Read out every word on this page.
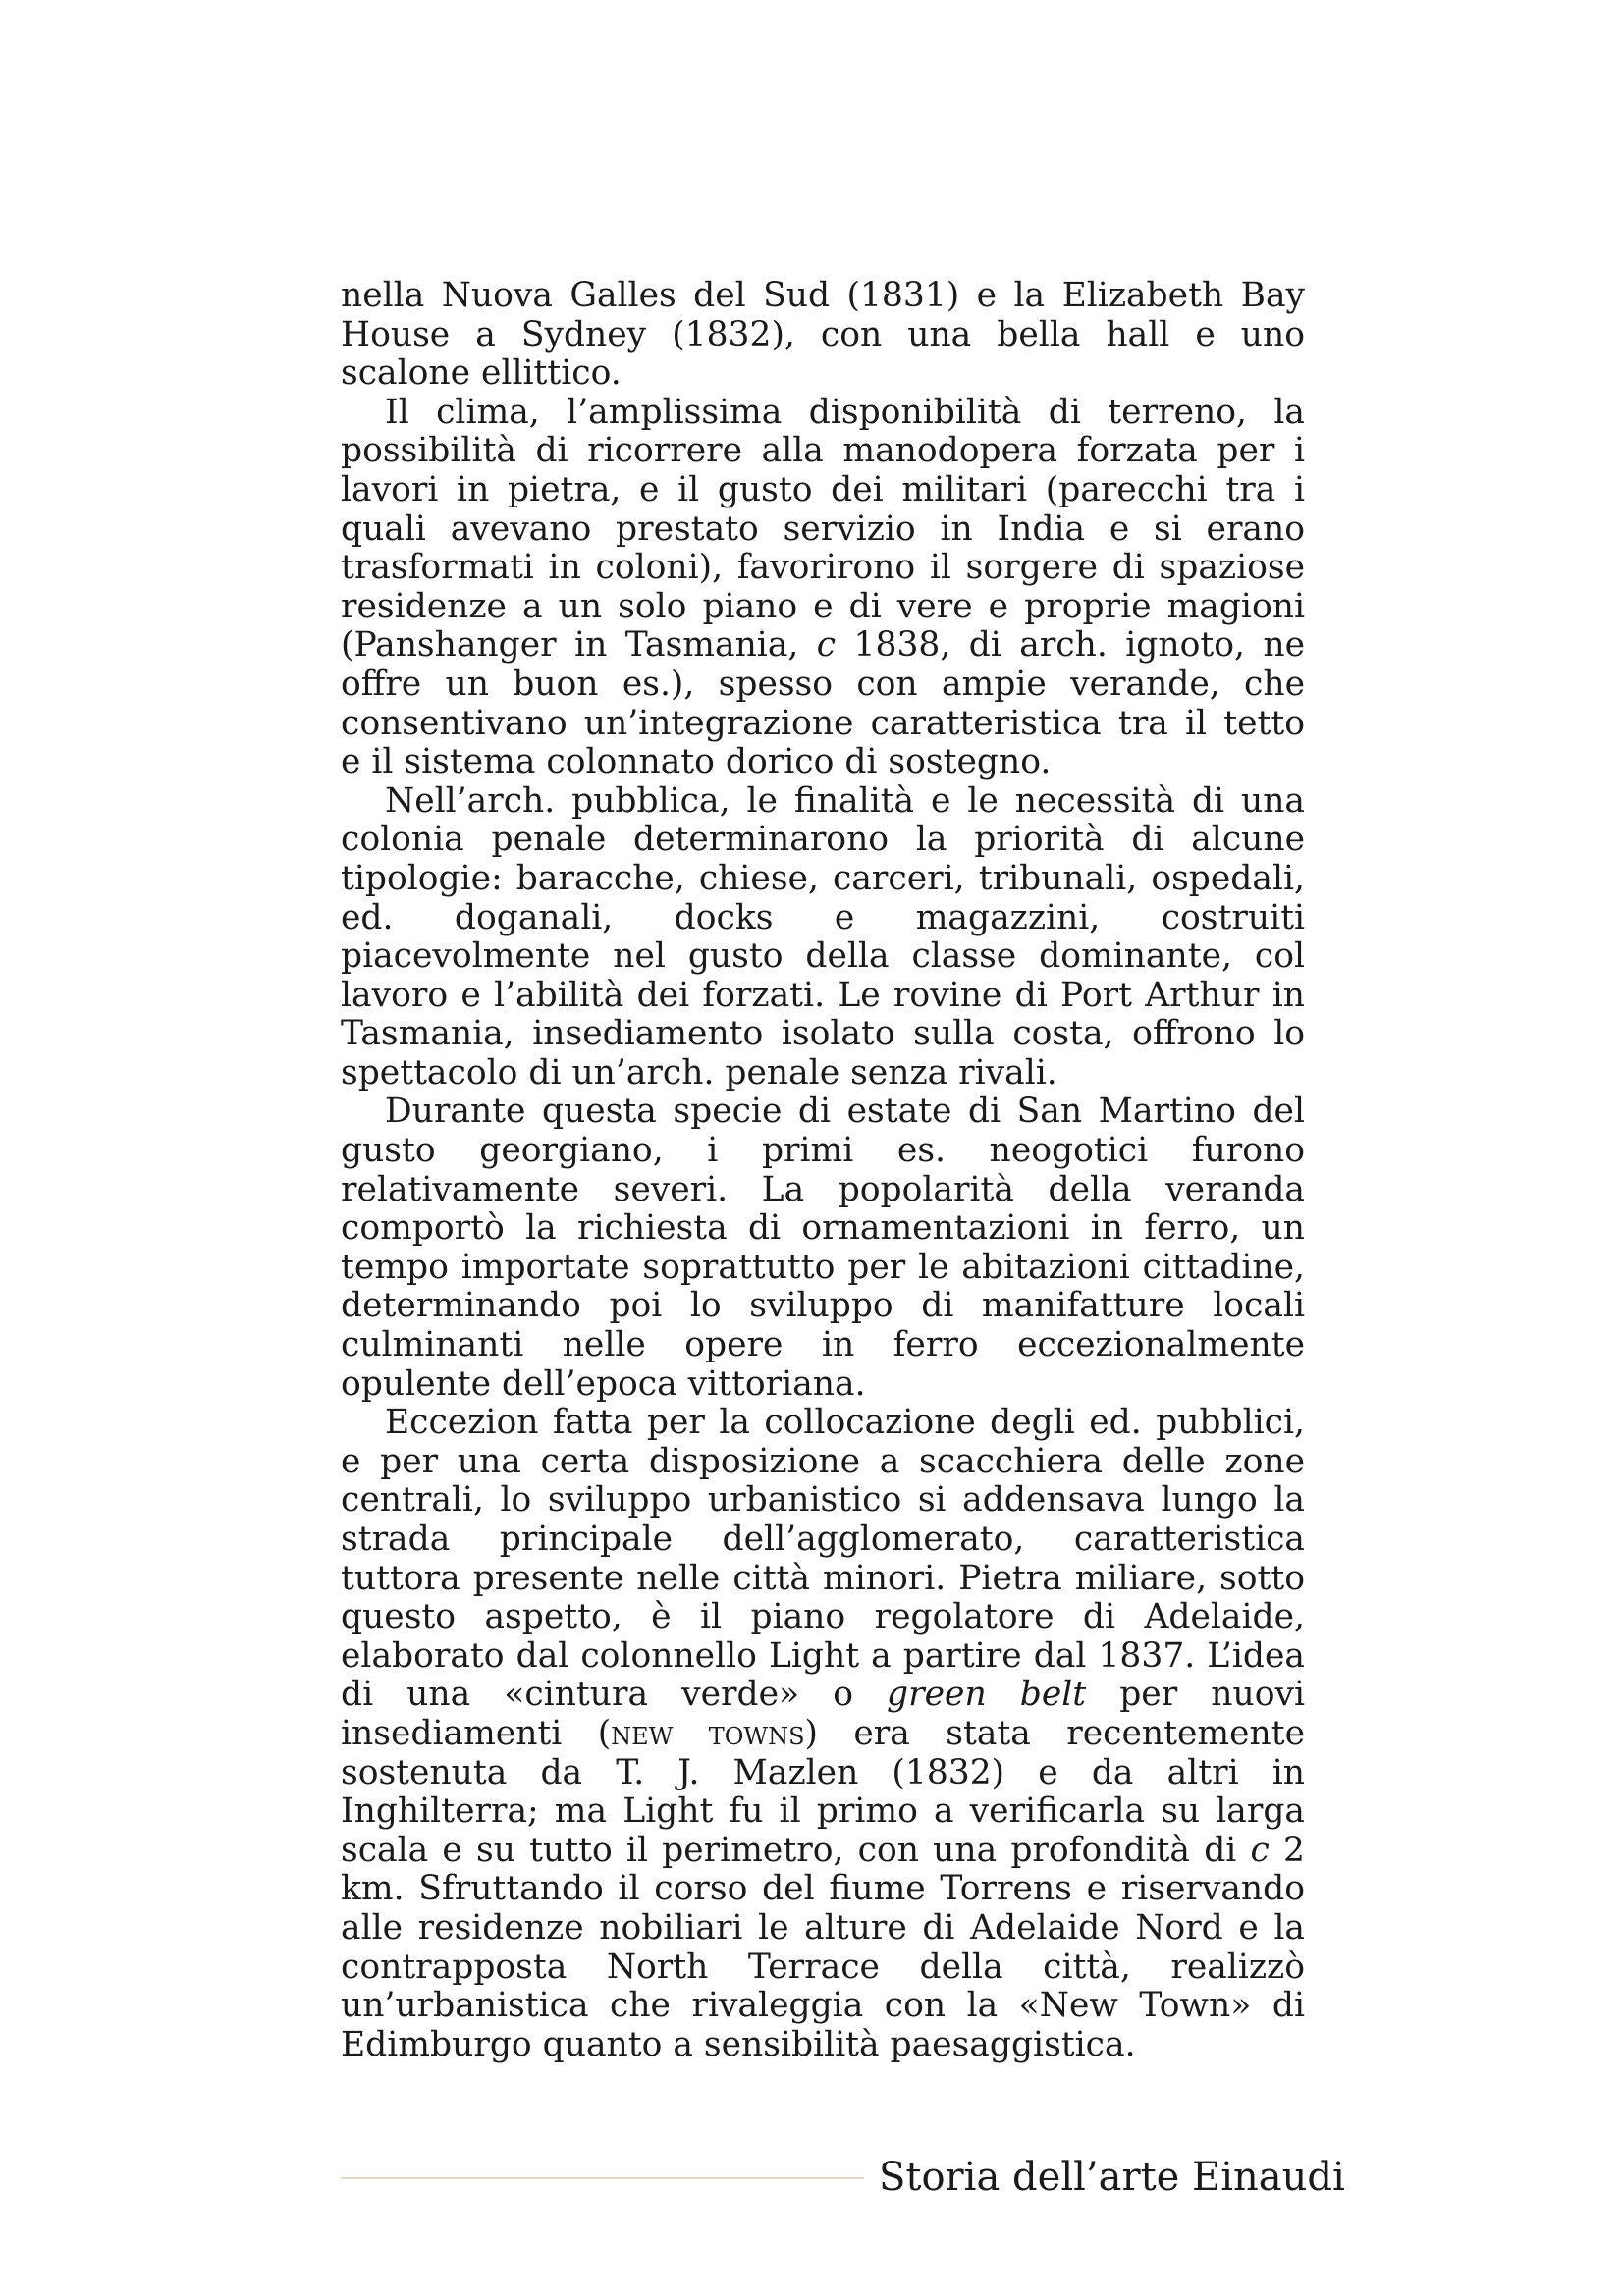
nella Nuova Galles del Sud (1831) e la Elizabeth Bay House a Sydney (1832), con una bella hall e uno scalone ellittico.

Il clima, l’amplissima disponibilità di terreno, la possibilità di ricorrere alla manodopera forzata per i lavori in pietra, e il gusto dei militari (parecchi tra i quali avevano prestato servizio in India e si erano trasformati in coloni), favorirono il sorgere di spaziose residenze a un solo piano e di vere e proprie magioni (Panshanger in Tasmania, c 1838, di arch. ignoto, ne offre un buon es.), spesso con ampie verande, che consentivano un’integrazione caratteristica tra il tetto e il sistema colonnato dorico di sostegno.

Nell’arch. pubblica, le finalità e le necessità di una colonia penale determinarono la priorità di alcune tipologie: baracche, chiese, carceri, tribunali, ospedali, ed. doganali, docks e magazzini, costruiti piacevolmente nel gusto della classe dominante, col lavoro e l’abilità dei forzati. Le rovine di Port Arthur in Tasmania, insediamento isolato sulla costa, offrono lo spettacolo di un’arch. penale senza rivali.

Durante questa specie di estate di San Martino del gusto georgiano, i primi es. neogotici furono relativamente severi. La popolarità della veranda comportò la richiesta di ornamentazioni in ferro, un tempo importate soprattutto per le abitazioni cittadine, determinando poi lo sviluppo di manifatture locali culminanti nelle opere in ferro eccezionalmente opulente dell’epoca vittoriana.

Eccezion fatta per la collocazione degli ed. pubblici, e per una certa disposizione a scacchiera delle zone centrali, lo sviluppo urbanistico si addensava lungo la strada principale dell’agglomerato, caratteristica tuttora presente nelle città minori. Pietra miliare, sotto questo aspetto, è il piano regolatore di Adelaide, elaborato dal colonnello Light a partire dal 1837. L’idea di una «cintura verde» o green belt per nuovi insediamenti (new towns) era stata recentemente sostenuta da T. J. Mazlen (1832) e da altri in Inghilterra; ma Light fu il primo a verificarla su larga scala e su tutto il perimetro, con una profondità di c 2 km. Sfruttando il corso del fiume Torrens e riservando alle residenze nobiliari le alture di Adelaide Nord e la contrapposta North Terrace della città, realizzò un’urbanistica che rivaleggia con la «New Town» di Edimburgo quanto a sensibilità paesaggistica.

Storia dell’arte Einaudi
